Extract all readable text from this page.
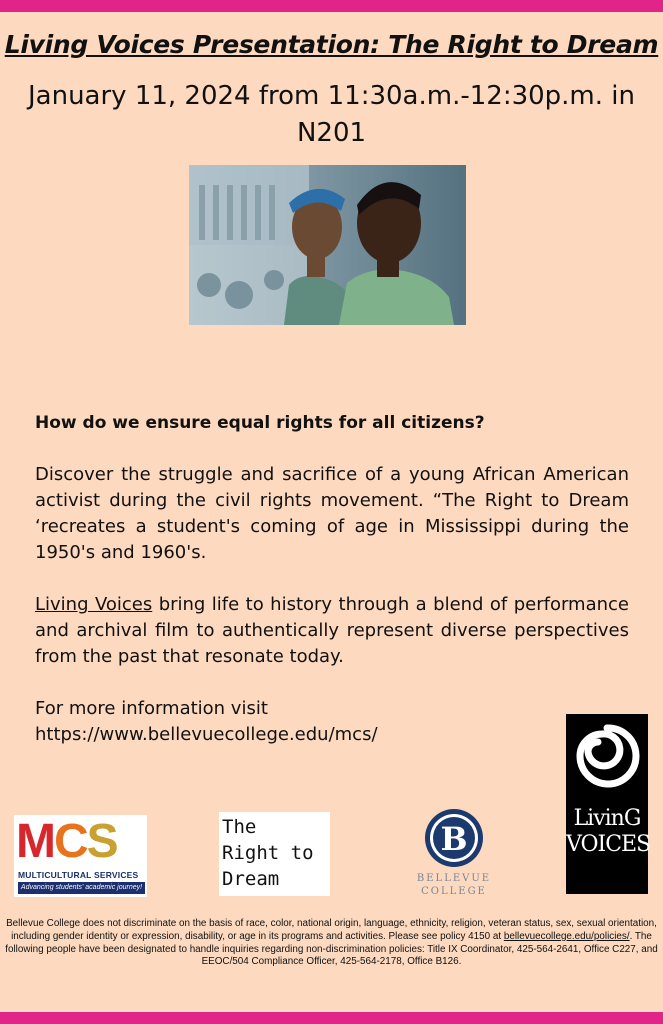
Living Voices Presentation: The Right to Dream
January 11, 2024 from 11:30a.m.-12:30p.m. in N201

How do we ensure equal rights for all citizens?

Discover the struggle and sacrifice of a young African American activist during the civil rights movement. “The Right to Dream ‘recreates a student's coming of age in Mississippi during the 1950's and 1960's.

Living Voices bring life to history through a blend of performance and archival film to authentically represent diverse perspectives from the past that resonate today.

For more information visit
https://www.bellevuecollege.edu/mcs/

MCS
MULTICULTURAL SERVICES
Advancing students' academic journey!
The
Right to
Dream
B
BELLEVUE
COLLEGE
LivinG
VOICES

Bellevue College does not discriminate on the basis of race, color, national origin, language, ethnicity, religion, veteran status, sex, sexual orientation, including gender identity or expression, disability, or age in its programs and activities. Please see policy 4150 at bellevuecollege.edu/policies/. The following people have been designated to handle inquiries regarding non-discrimination policies: Title IX Coordinator, 425-564-2641, Office C227, and EEOC/504 Compliance Officer, 425-564-2178, Office B126.
